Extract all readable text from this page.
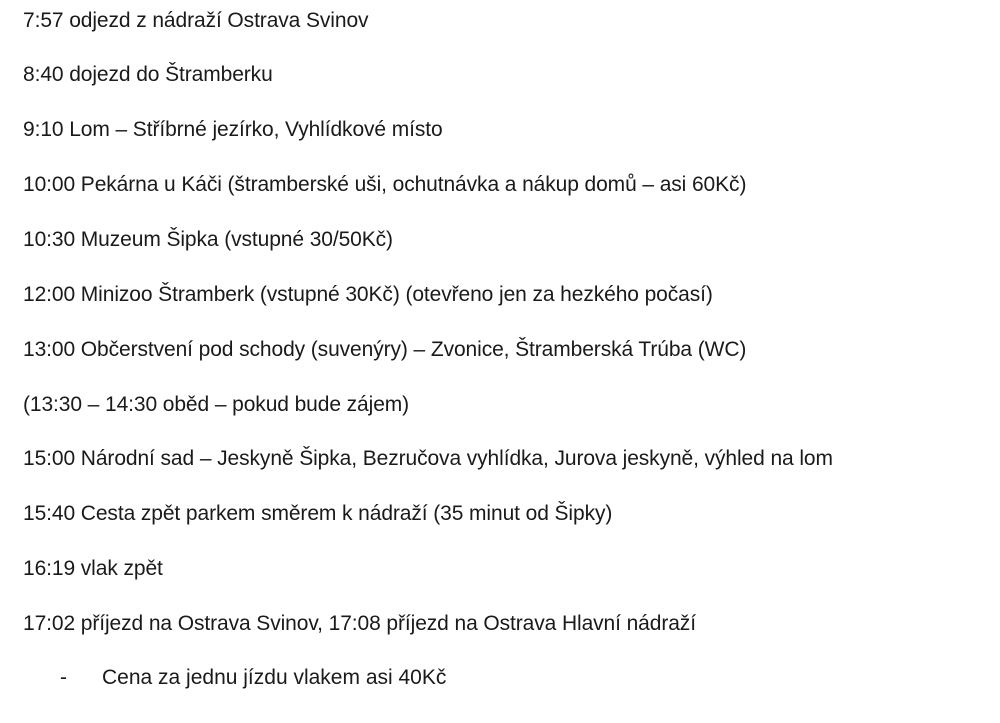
7:57 odjezd z nádraží Ostrava Svinov
8:40 dojezd do Štramberku
9:10 Lom – Stříbrné jezírko, Vyhlídkové místo
10:00 Pekárna u Káči (štramberské uši, ochutnávka a nákup domů – asi 60Kč)
10:30 Muzeum Šipka (vstupné 30/50Kč)
12:00 Minizoo Štramberk (vstupné 30Kč) (otevřeno jen za hezkého počasí)
13:00 Občerstvení pod schody (suvenýry) – Zvonice, Štramberská Trúba (WC)
(13:30 – 14:30 oběd – pokud bude zájem)
15:00 Národní sad – Jeskyně Šipka, Bezručova vyhlídka, Jurova jeskyně, výhled na lom
15:40 Cesta zpět parkem směrem k nádraží (35 minut od Šipky)
16:19 vlak zpět
17:02 příjezd na Ostrava Svinov, 17:08 příjezd na Ostrava Hlavní nádraží
- Cena za jednu jízdu vlakem asi 40Kč
